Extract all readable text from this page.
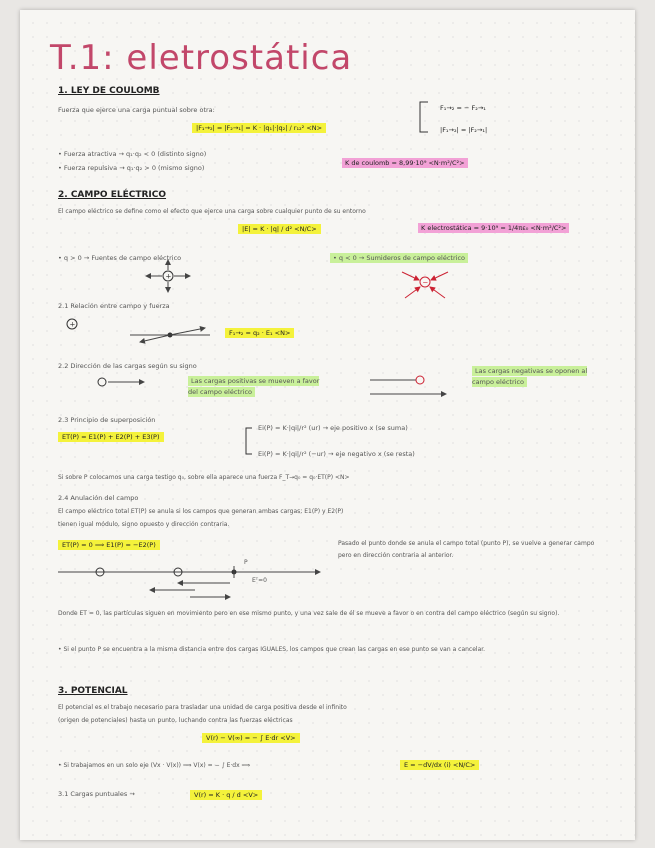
T.1: eletrostática
1. LEY DE COULOMB
Fuerza que ejerce una carga puntual sobre otra:
|F₁→₂| = |F₂→₁| = K · |q₁|·|q₂| / r₁₂² <N>
F₁→₂ = − F₂→₁
|F₁→₂| = |F₂→₁|
• Fuerza atractiva → q₁·q₂ < 0 (distinto signo)
• Fuerza repulsiva → q₁·q₂ > 0 (mismo signo)
K de coulomb = 8,99·10⁹ <N·m²/C²>
2. CAMPO ELÉCTRICO
El campo eléctrico se define como el efecto que ejerce una carga sobre cualquier punto de su entorno
|E| = K · |q| / d² <N/C>	K electrostática = 9·10⁹ = 1/4πε₀ <N·m²/C²>
• q > 0 → Fuentes de campo eléctrico	• q < 0 → Sumideros de campo eléctrico
2.1 Relación entre campo y fuerza
F₁→₂ = q₂ · E₁ <N>
2.2 Dirección de las cargas según su signo
Las cargas positivas se mueven a favor del campo eléctrico
Las cargas negativas se oponen al campo eléctrico
2.3 Principio de superposición
ET(P) = E1(P) + E2(P) + E3(P)
Ei(P) = K·|qi|/r² (ur) → eje positivo x (se suma)
Ei(P) = K·|qi|/r² (−ur) → eje negativo x (se resta)
Si sobre P colocamos una carga testigo q₀, sobre ella aparece una fuerza F_T→q₀ = q₀·ET(P) <N>
2.4 Anulación del campo
El campo eléctrico total ET(P) se anula si los campos que generan ambas cargas; E1(P) y E2(P)
tienen igual módulo, signo opuesto y dirección contraria.
ET(P) = 0 ⟹ E1(P) = −E2(P)	Pasado el punto donde se anula el campo total (punto P), se vuelve a generar campo pero en dirección contraria al anterior.
P
Eᵀ=0
Donde ET = 0, las partículas siguen en movimiento pero en ese mismo punto, y una vez sale de él se mueve a favor o en contra del campo eléctrico (según su signo).
• Si el punto P se encuentra a la misma distancia entre dos cargas IGUALES, los campos que crean las cargas en ese punto se van a cancelar.
3. POTENCIAL
El potencial es el trabajo necesario para trasladar una unidad de carga positiva desde el infinito
(origen de potenciales) hasta un punto, luchando contra las fuerzas eléctricas
V(r) − V(∞) = − ∫ E·dr <V>
• Si trabajamos en un solo eje (Vx · V(x)) ⟹ V(x) = − ∫ E·dx ⟹	E = −dV/dx (i) <N/C>
3.1 Cargas puntuales →	V(r) = K · q / d <V>
+
−
+
